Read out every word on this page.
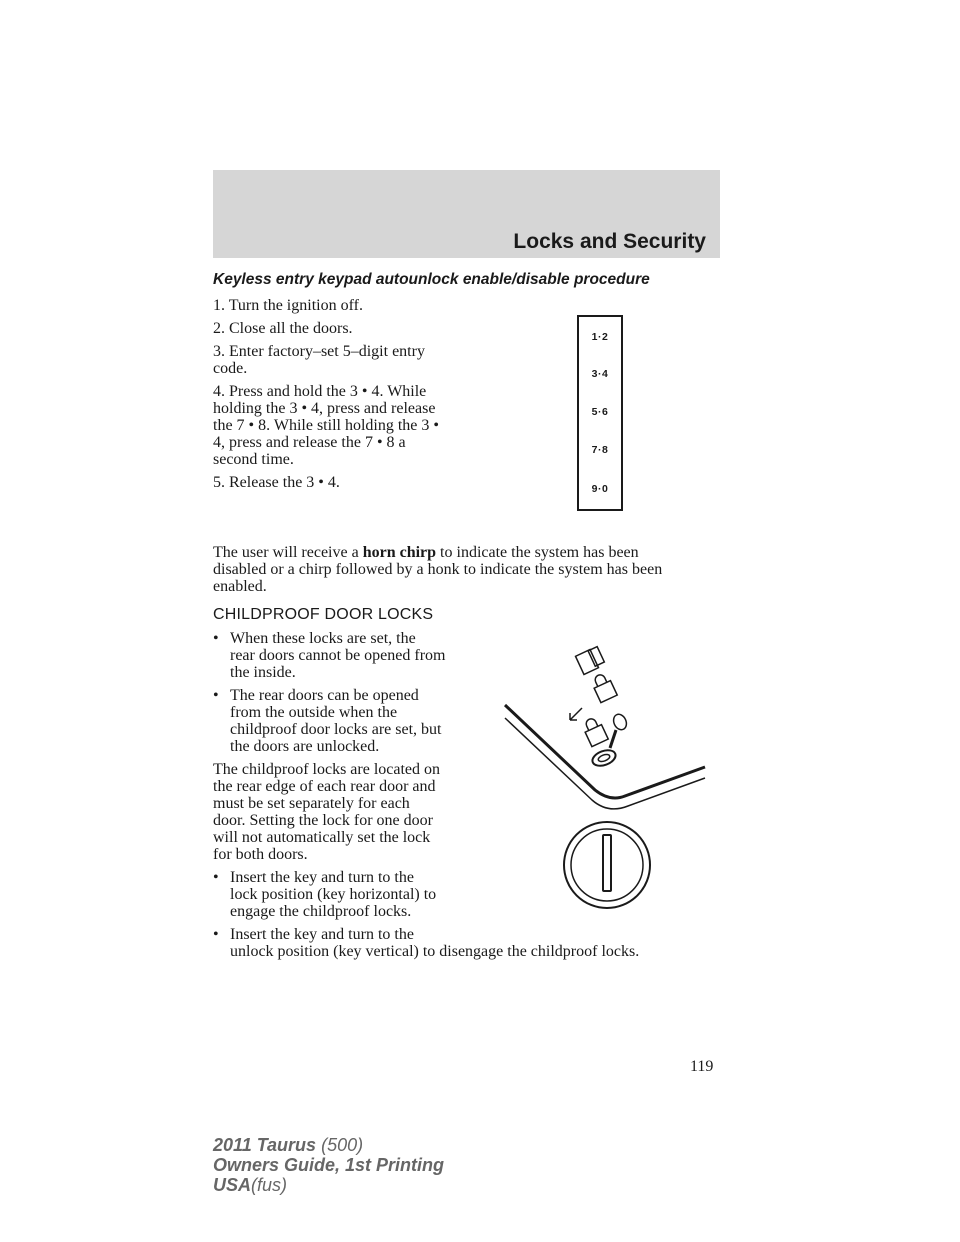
Locks and Security
Keyless entry keypad autounlock enable/disable procedure
1. Turn the ignition off.
2. Close all the doors.
3. Enter factory–set 5–digit entry
code.
4. Press and hold the 3 • 4. While
holding the 3 • 4, press and release
the 7 • 8. While still holding the 3 •
4, press and release the 7 • 8 a
second time.
5. Release the 3 • 4.
1·2
3·4
5·6
7·8
9·0
The user will receive a horn chirp to indicate the system has been
disabled or a chirp followed by a honk to indicate the system has been
enabled.
CHILDPROOF DOOR LOCKS
• When these locks are set, the
rear doors cannot be opened from
the inside.
• The rear doors can be opened
from the outside when the
childproof door locks are set, but
the doors are unlocked.
The childproof locks are located on
the rear edge of each rear door and
must be set separately for each
door. Setting the lock for one door
will not automatically set the lock
for both doors.
• Insert the key and turn to the
lock position (key horizontal) to
engage the childproof locks.
• Insert the key and turn to the
unlock position (key vertical) to disengage the childproof locks.
119
2011 Taurus (500)
Owners Guide, 1st Printing
USA(fus)
